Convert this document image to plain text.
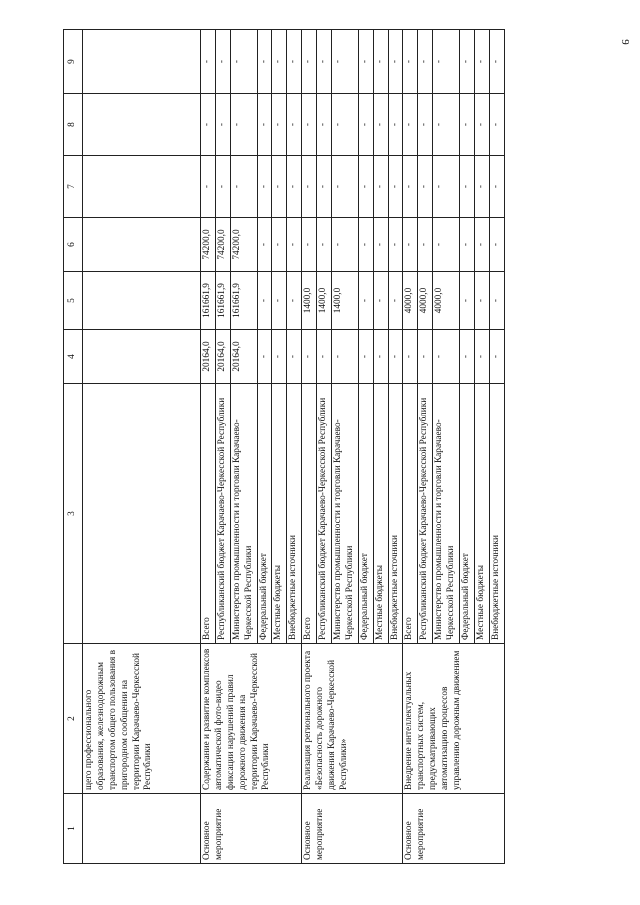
9
1	2	3	4	5	6	7	8	9
	щего профессионального образования, железнодорожным транспортом общего пользования в пригородном сообщении на территории Карачаево-Черкесской Республики							
Основное мероприятие	Содержание и развитие комплексов автоматической фото-видео фиксации нарушений правил дорожного движения на территории Карачаево-Черкесской Республики	Всего	20164,0	161661,9	74200,0	-	-	-
		Республиканский бюджет Карачаево-Черкесской Республики	20164,0	161661,9	74200,0	-	-	-
		Министерство промышленности и торговли Карачаево-Черкесской Республики	20164,0	161661,9	74200,0	-	-	-
		Федеральный бюджет	-	-	-	-	-	-
		Местные бюджеты	-	-	-	-	-	-
		Внебюджетные источники	-	-	-	-	-	-
Основное мероприятие	Реализация регионального проекта «Безопасность дорожного движения Карачаево-Черкесской Республики»	Всего	-	1400,0	-	-	-	-
		Республиканский бюджет Карачаево-Черкесской Республики	-	1400,0	-	-	-	-
		Министерство промышленности и торговли Карачаево-Черкесской Республики	-	1400,0	-	-	-	-
		Федеральный бюджет	-	-	-	-	-	-
		Местные бюджеты	-	-	-	-	-	-
		Внебюджетные источники	-	-	-	-	-	-
Основное мероприятие	Внедрение интеллектуальных транспортных систем, предусматривающих автоматизацию процессов управлению дорожным движением	Всего	-	4000,0	-	-	-	-
		Республиканский бюджет Карачаево-Черкесской Республики	-	4000,0	-	-	-	-
		Министерство промышленности и торговли Карачаево-Черкесской Республики	-	4000,0	-	-	-	-
		Федеральный бюджет	-	-	-	-	-	-
		Местные бюджеты	-	-	-	-	-	-
		Внебюджетные источники	-	-	-	-	-	-
